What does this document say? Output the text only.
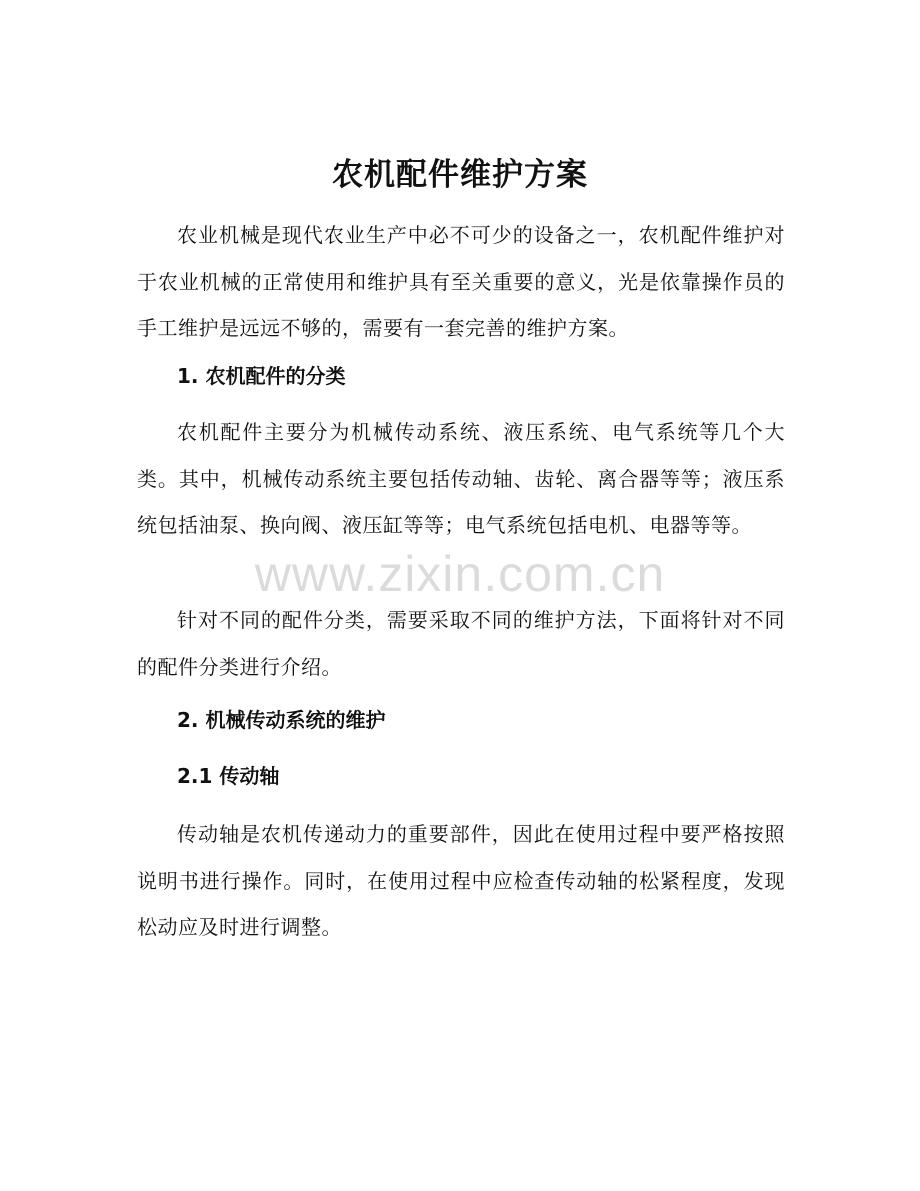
农机配件维护方案

农业机械是现代农业生产中必不可少的设备之一，农机配件维护对于农业机械的正常使用和维护具有至关重要的意义，光是依靠操作员的手工维护是远远不够的，需要有一套完善的维护方案。

1. 农机配件的分类

农机配件主要分为机械传动系统、液压系统、电气系统等几个大类。其中，机械传动系统主要包括传动轴、齿轮、离合器等等；液压系统包括油泵、换向阀、液压缸等等；电气系统包括电机、电器等等。

www.zixin.com.cn

针对不同的配件分类，需要采取不同的维护方法，下面将针对不同的配件分类进行介绍。

2. 机械传动系统的维护
2.1 传动轴

传动轴是农机传递动力的重要部件，因此在使用过程中要严格按照说明书进行操作。同时，在使用过程中应检查传动轴的松紧程度，发现松动应及时进行调整。
